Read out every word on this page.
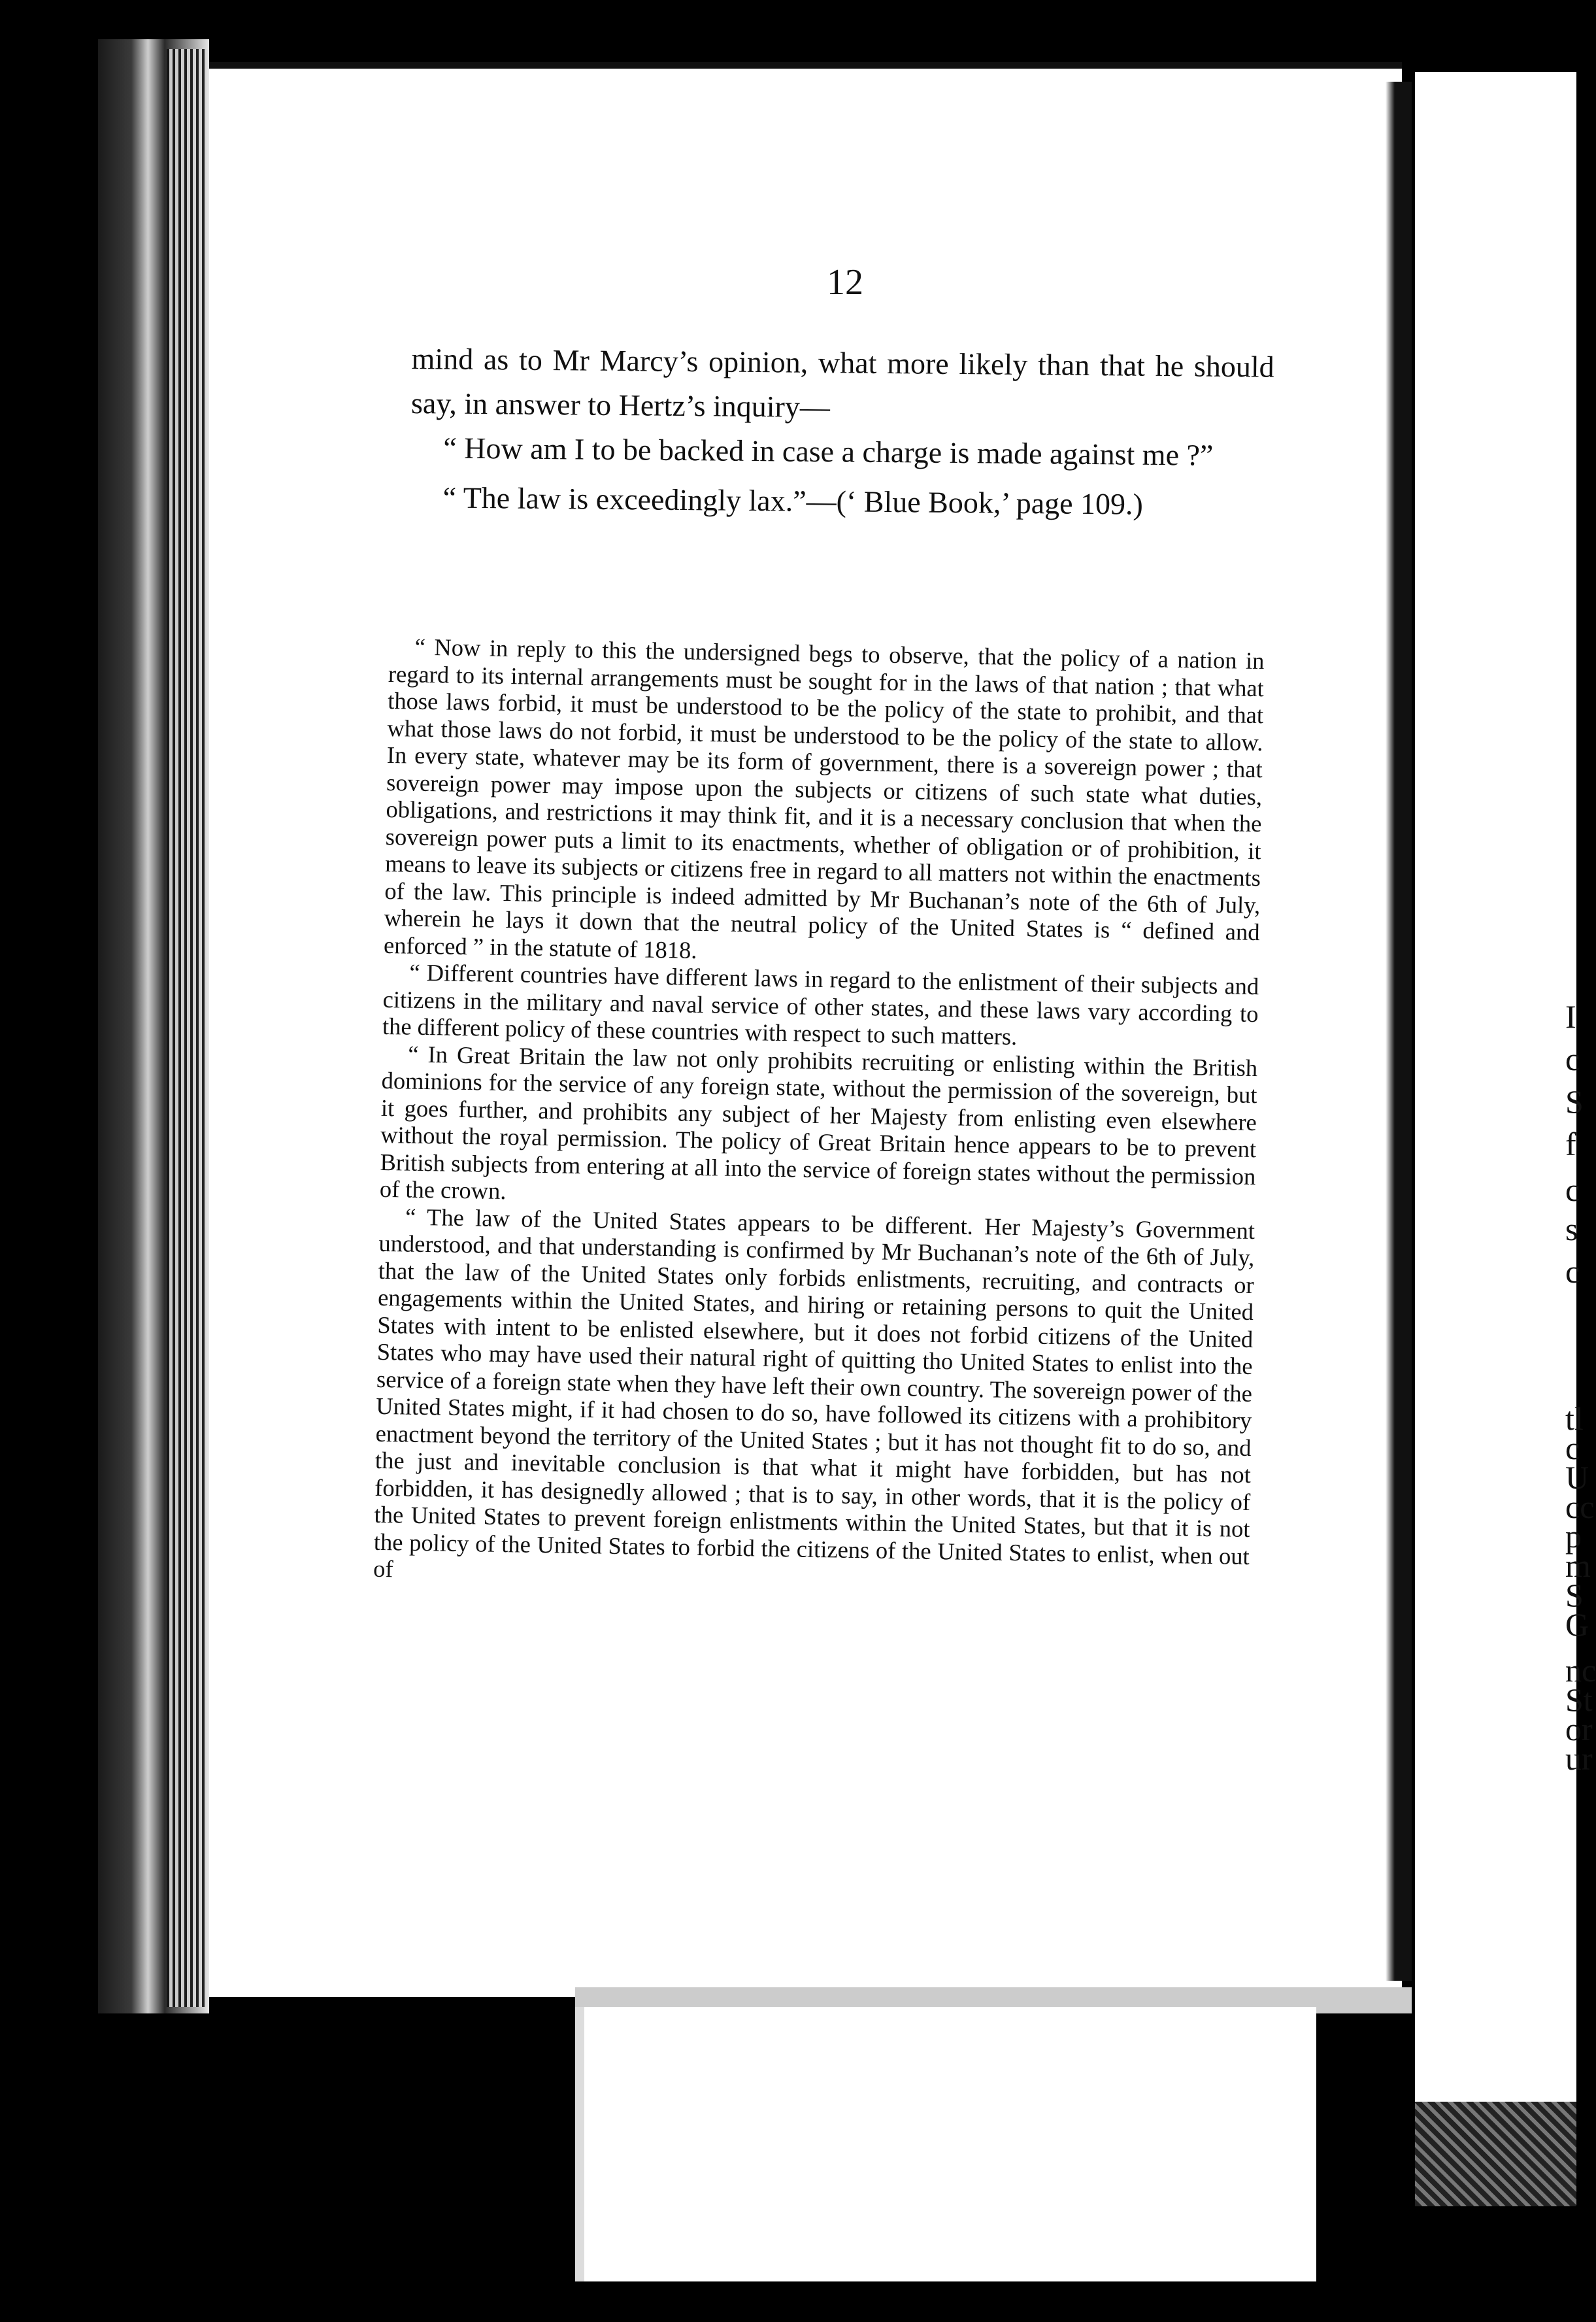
12

mind as to Mr Marcy’s opinion, what more likely than that he should say, in answer to Hertz’s inquiry—

“ How am I to be backed in case a charge is made against me ?”

“ The law is exceedingly lax.”—(‘ Blue Book,’ page 109.)

“ Now in reply to this the undersigned begs to observe, that the policy of a nation in regard to its internal arrangements must be sought for in the laws of that nation ; that what those laws forbid, it must be understood to be the policy of the state to prohibit, and that what those laws do not forbid, it must be understood to be the policy of the state to allow. In every state, whatever may be its form of government, there is a sovereign power ; that sovereign power may impose upon the subjects or citizens of such state what duties, obligations, and restrictions it may think fit, and it is a necessary conclusion that when the sovereign power puts a limit to its enactments, whether of obligation or of prohibition, it means to leave its subjects or citizens free in regard to all matters not within the enactments of the law. This principle is indeed admitted by Mr Buchanan’s note of the 6th of July, wherein he lays it down that the neutral policy of the United States is “ defined and enforced ” in the statute of 1818.

“ Different countries have different laws in regard to the enlistment of their subjects and citizens in the military and naval service of other states, and these laws vary according to the different policy of these countries with respect to such matters.

“ In Great Britain the law not only prohibits recruiting or enlisting within the British dominions for the service of any foreign state, without the permission of the sovereign, but it goes further, and prohibits any subject of her Majesty from enlisting even elsewhere without the royal permission. The policy of Great Britain hence appears to be to prevent British subjects from entering at all into the service of foreign states without the permission of the crown.

“ The law of the United States appears to be different. Her Majesty’s Government understood, and that understanding is confirmed by Mr Buchanan’s note of the 6th of July, that the law of the United States only forbids enlistments, recruiting, and contracts or engagements within the United States, and hiring or retaining persons to quit the United States with intent to be enlisted elsewhere, but it does not forbid citizens of the United States who may have used their natural right of quitting tho United States to enlist into the service of a foreign state when they have left their own country. The sovereign power of the United States might, if it had chosen to do so, have followed its citizens with a prohibitory enactment beyond the territory of the United States ; but it has not thought fit to do so, and the just and inevitable conclusion is that what it might have forbidden, but has not forbidden, it has designedly allowed ; that is to say, in other words, that it is the policy of the United States to prevent foreign enlistments within the United States, but that it is not the policy of the United States to forbid the citizens of the United States to enlist, when out of

I
c
S
f
c
s
c
tl
c
U
cc
p
m
S
G
nc
St
or
ur
